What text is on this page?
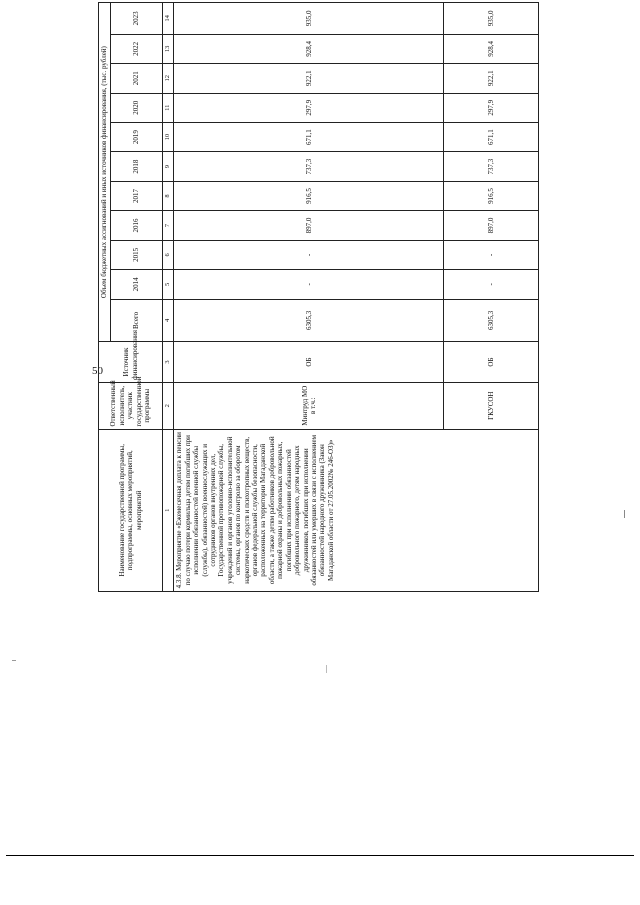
50
Наименование государственной программы, подпрограммы, основных мероприятий, мероприятий	Ответственный исполнитель, участник государственной программы	Источник финансирования	Объем бюджетных ассигнований и иных источников финансирования, (тыс. рублей)										
			Всего	2014	2015	2016	2017	2018	2019	2020	2021	2022	2023
1	2	3	4	5	6	7	8	9	10	11	12	13	14
4.3.8. Мероприятие «Ежемесячная доплата к пенсии по случаю потери кормильца детям погибших при исполнении обязанностей военной службы (службы), обязанностей) военнослужащих и сотрудников органов внутренних дел, Государственной противопожарной службы, учреждений и органов уголовно-исполнительной системы, органов по контролю за оборотом наркотических средств и психотропных веществ, органов федеральной службы безопасности, расположенных на территории Магаданской области, а также детям работников добровольной пожарной охраны и добровольных пожарных, погибших при исполнении обязанностей добровольного пожарного, детям народных дружинников, погибших при исполнении обязанностей или умерших в связи с исполнением обязанностей народного дружинника (Закон Магаданской области от 27.05.2002№ 246-ОЗ)»	Минтруд МО в т.ч.:	ОБ	6305,3	-	-	897,0	916,5	737,3	671,1	297,9	922,1	928,4	935,0
	ГКУСОН	ОБ	6305,3	-	-	897,0	916,5	737,3	671,1	297,9	922,1	928,4	935,0
